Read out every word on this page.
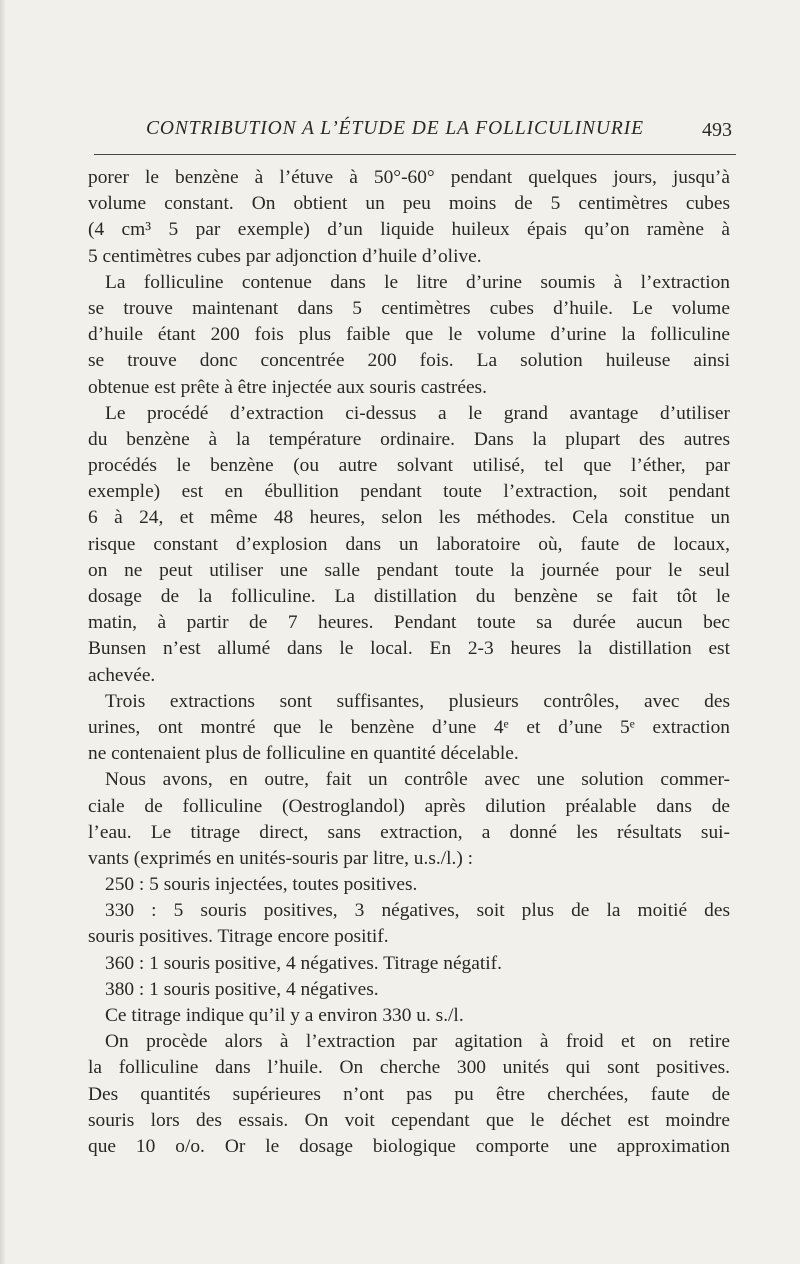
CONTRIBUTION A L’ÉTUDE DE LA FOLLICULINURIE	493
porer le benzène à l’étuve à 50°-60° pendant quelques jours, jusqu’à
volume constant. On obtient un peu moins de 5 centimètres cubes
(4 cm³ 5 par exemple) d’un liquide huileux épais qu’on ramène à
5 centimètres cubes par adjonction d’huile d’olive.
La folliculine contenue dans le litre d’urine soumis à l’extraction
se trouve maintenant dans 5 centimètres cubes d’huile. Le volume
d’huile étant 200 fois plus faible que le volume d’urine la folliculine
se trouve donc concentrée 200 fois. La solution huileuse ainsi
obtenue est prête à être injectée aux souris castrées.
Le procédé d’extraction ci-dessus a le grand avantage d’utiliser
du benzène à la température ordinaire. Dans la plupart des autres
procédés le benzène (ou autre solvant utilisé, tel que l’éther, par
exemple) est en ébullition pendant toute l’extraction, soit pendant
6 à 24, et même 48 heures, selon les méthodes. Cela constitue un
risque constant d’explosion dans un laboratoire où, faute de locaux,
on ne peut utiliser une salle pendant toute la journée pour le seul
dosage de la folliculine. La distillation du benzène se fait tôt le
matin, à partir de 7 heures. Pendant toute sa durée aucun bec
Bunsen n’est allumé dans le local. En 2-3 heures la distillation est
achevée.
Trois extractions sont suffisantes, plusieurs contrôles, avec des
urines, ont montré que le benzène d’une 4ᵉ et d’une 5ᵉ extraction
ne contenaient plus de folliculine en quantité décelable.
Nous avons, en outre, fait un contrôle avec une solution commer-
ciale de folliculine (Oestroglandol) après dilution préalable dans de
l’eau. Le titrage direct, sans extraction, a donné les résultats sui-
vants (exprimés en unités-souris par litre, u.s./l.) :
250 : 5 souris injectées, toutes positives.
330 : 5 souris positives, 3 négatives, soit plus de la moitié des
souris positives. Titrage encore positif.
360 : 1 souris positive, 4 négatives. Titrage négatif.
380 : 1 souris positive, 4 négatives.
Ce titrage indique qu’il y a environ 330 u. s./l.
On procède alors à l’extraction par agitation à froid et on retire
la folliculine dans l’huile. On cherche 300 unités qui sont positives.
Des quantités supérieures n’ont pas pu être cherchées, faute de
souris lors des essais. On voit cependant que le déchet est moindre
que 10 o/o. Or le dosage biologique comporte une approximation
